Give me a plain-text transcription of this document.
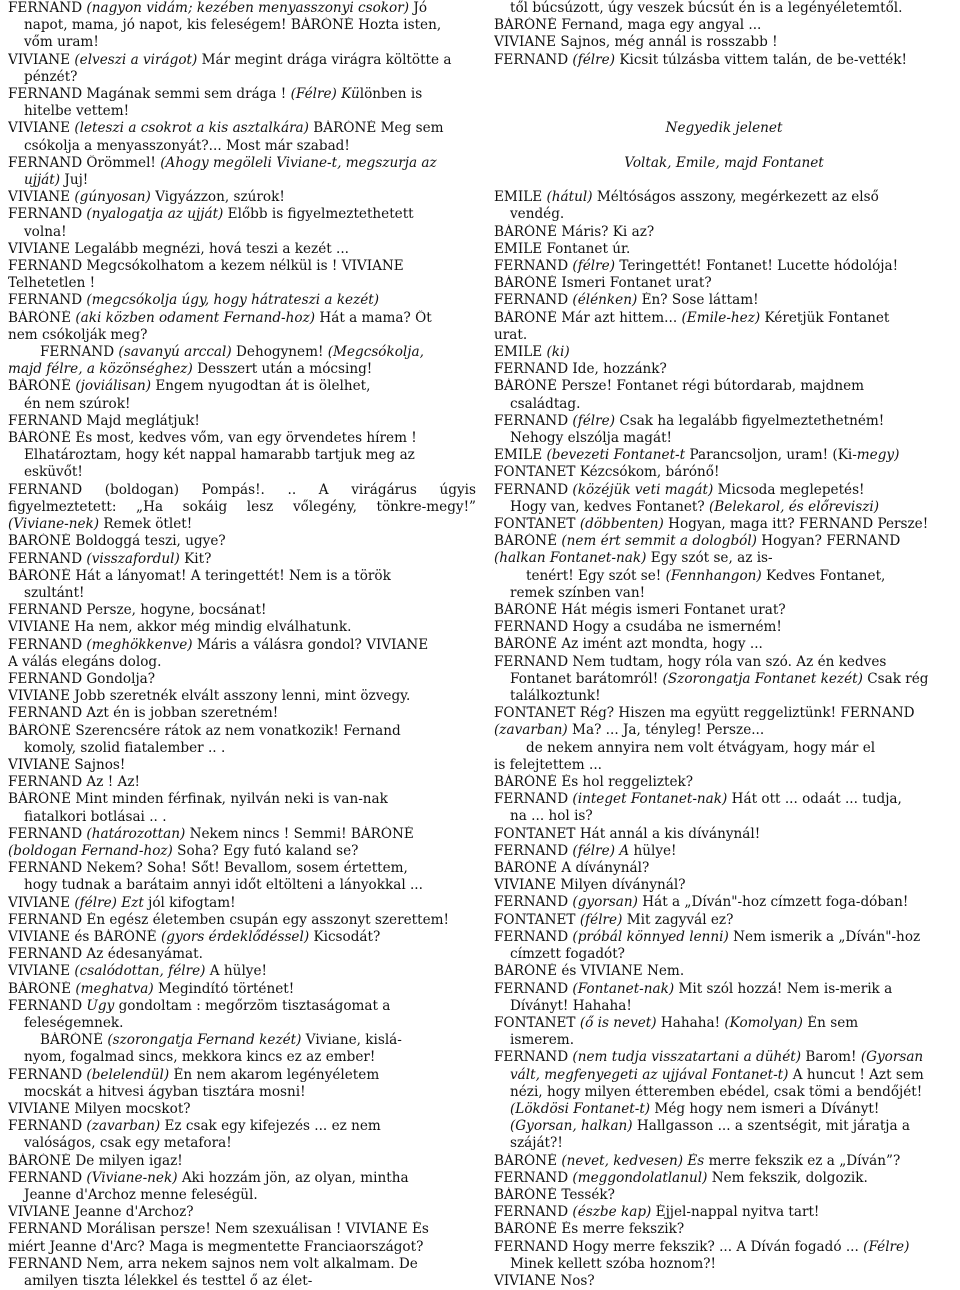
FERNAND (nagyon vidám; kezében menyasszonyi csokor) Jó
napot, mama, jó napot, kis feleségem! BÁRÓNÉ Hozta isten,
vőm uram!
VIVIANE (elveszi a virágot) Már megint drága virágra költötte a
pénzét?
FERNAND Magának semmi sem drága ! (Félre) Különben is
hitelbe vettem!
VIVIANE (leteszi a csokrot a kis asztalkára) BÁRÓNÉ Meg sem
csókolja a menyasszonyát?... Most már szabad!
FERNAND Örömmel! (Ahogy megöleli Viviane-t, megszurja az
ujját) Juj!
VIVIANE (gúnyosan) Vigyázzon, szúrok!
FERNAND (nyalogatja az ujját) Előbb is figyelmeztethetett
volna!
VIVIANE Legalább megnézi, hová teszi a kezét ...
FERNAND Megcsókolhatom a kezem nélkül is ! VIVIANE
Telhetetlen !
FERNAND (megcsókolja úgy, hogy hátrateszi a kezét)
BÁRÓNÉ (aki közben odament Fernand-hoz) Hát a mama? Őt
nem csókolják meg?
FERNAND (savanyú arccal) Dehogynem! (Megcsókolja,
majd félre, a közönséghez) Desszert után a mócsing!
BÁRÓNÉ (joviálisan) Engem nyugodtan át is ölelhet,
én nem szúrok!
FERNAND Majd meglátjuk!
BÁRÓNÉ És most, kedves vőm, van egy örvendetes hírem !
Elhatároztam, hogy két nappal hamarabb tartjuk meg az
esküvőt!
FERNAND (boldogan) Pompás!. .. A virágárus úgyis
figyelmeztetett: „Ha sokáig lesz vőlegény, tönkre-megy!”
(Viviane-nek) Remek ötlet!
BARÓNÉ Boldoggá teszi, ugye?
FERNAND (visszafordul) Kit?
BÁRÓNÉ Hát a lányomat! A teringettét! Nem is a török
szultánt!
FERNAND Persze, hogyne, bocsánat!
VIVIANE Ha nem, akkor még mindig elválhatunk.
FERNAND (meghökkenve) Máris a válásra gondol? VIVIANE
A válás elegáns dolog.
FERNAND Gondolja?
VIVIANE Jobb szeretnék elvált asszony lenni, mint özvegy.
FERNAND Azt én is jobban szeretném!
BÁRÓNÉ Szerencsére rátok az nem vonatkozik! Fernand
komoly, szolid fiatalember .. .
VIVIANE Sajnos!
FERNAND Az ! Az!
BÁRÓNÉ Mint minden férfinak, nyilván neki is van-nak
fiatalkori botlásai .. .
FERNAND (határozottan) Nekem nincs ! Semmi! BÁRÓNÉ
(boldogan Fernand-hoz) Soha? Egy futó kaland se?
FERNAND Nekem? Soha! Sőt! Bevallom, sosem értettem,
hogy tudnak a barátaim annyi időt eltölteni a lányokkal ...
VIVIANE (félre) Ezt jól kifogtam!
FERNAND Én egész életemben csupán egy asszonyt szerettem!
VIVIANE és BÁRÓNÉ (gyors érdeklődéssel) Kicsodát?
FERNAND Az édesanyámat.
VIVIANE (csalódottan, félre) A hülye!
BÁRÓNÉ (meghatva) Megindító történet!
FERNAND Úgy gondoltam : megőrzöm tisztaságomat a
feleségemnek.
BÁRÓNÉ (szorongatja Fernand kezét) Viviane, kislá-
nyom, fogalmad sincs, mekkora kincs ez az ember!
FERNAND (belelendül) Én nem akarom legényéletem
mocskát a hitvesi ágyban tisztára mosni!
VIVIANE Milyen mocskot?
FERNAND (zavarban) Ez csak egy kifejezés ... ez nem
valóságos, csak egy metafora!
BÁRÓNÉ De milyen igaz!
FERNAND (Viviane-nek) Aki hozzám jön, az olyan, mintha
Jeanne d'Archoz menne feleségül.
VIVIANE Jeanne d'Archoz?
FERNAND Morálisan persze! Nem szexuálisan ! VIVIANE És
miért Jeanne d'Arc? Maga is megmentette Franciaországot?
FERNAND Nem, arra nekem sajnos nem volt alkalmam. De
amilyen tiszta lélekkel és testtel ő az élet-
től búcsúzott, úgy veszek búcsút én is a legényéletemtől.
BÁRÓNÉ Fernand, maga egy angyal ...
VIVIANE Sajnos, még annál is rosszabb !
FERNAND (félre) Kicsit túlzásba vittem talán, de be-vették!
Negyedik jelenet
Voltak, Emile, majd Fontanet
EMILE (hátul) Méltóságos asszony, megérkezett az első
vendég.
BÁRÓNÉ Máris? Ki az?
EMILE Fontanet úr.
FERNAND (félre) Teringettét! Fontanet! Lucette hódolója!
BÁRÓNÉ Ismeri Fontanet urat?
FERNAND (élénken) Én? Sose láttam!
BÁRÓNÉ Már azt hittem... (Emile-hez) Kéretjük Fontanet
urat.
EMILE (ki)
FERNAND Ide, hozzánk?
BÁRÓNÉ Persze! Fontanet régi bútordarab, majdnem
családtag.
FERNAND (félre) Csak ha legalább figyelmeztethetném!
Nehogy elszólja magát!
EMILE (bevezeti Fontanet-t Parancsoljon, uram! (Ki-megy)
FONTANET Kézcsókom, bárónő!
FERNAND (közéjük veti magát) Micsoda meglepetés!
Hogy van, kedves Fontanet? (Belekarol, és előreviszi)
FONTANET (döbbenten) Hogyan, maga itt? FERNAND Persze!
BÁRÓNÉ (nem ért semmit a dologból) Hogyan? FERNAND
(halkan Fontanet-nak) Egy szót se, az is-
tenért! Egy szót se! (Fennhangon) Kedves Fontanet,
remek színben van!
BÁRÓNÉ Hát mégis ismeri Fontanet urat?
FERNAND Hogy a csudába ne ismerném!
BÁRÓNÉ Az imént azt mondta, hogy ...
FERNAND Nem tudtam, hogy róla van szó. Az én kedves
Fontanet barátomról! (Szorongatja Fontanet kezét) Csak rég
találkoztunk!
FONTANET Rég? Hiszen ma együtt reggeliztünk! FERNAND
(zavarban) Ma? ... Ja, tényleg! Persze...
de nekem annyira nem volt étvágyam, hogy már el
is felejtettem ...
BÁRÓNÉ És hol reggeliztek?
FERNAND (integet Fontanet-nak) Hát ott ... odaát ... tudja,
na ... hol is?
FONTANET Hát annál a kis díványnál!
FERNAND (félre) A hülye!
BÁRÓNÉ A díványnál?
VIVIANE Milyen díványnál?
FERNAND (gyorsan) Hát a „Díván"-hoz címzett foga-dóban!
FONTANET (félre) Mit zagyvál ez?
FERNAND (próbál könnyed lenni) Nem ismerik a „Díván"-hoz
címzett fogadót?
BÁRÓNÉ és VIVIANE Nem.
FERNAND (Fontanet-nak) Mit szól hozzá! Nem is-merik a
Díványt! Hahaha!
FONTANET (ő is nevet) Hahaha! (Komolyan) Én sem
ismerem.
FERNAND (nem tudja visszatartani a dühét) Barom! (Gyorsan
vált, megfenyegeti az ujjával Fontanet-t) A huncut ! Azt sem
nézi, hogy milyen étteremben ebédel, csak tömi a bendőjét!
(Lökdösi Fontanet-t) Még hogy nem ismeri a Díványt!
(Gyorsan, halkan) Hallgasson ... a szentségit, mit járatja a
száját?!
BÁRÓNÉ (nevet, kedvesen) És merre fekszik ez a „Díván”?
FERNAND (meggondolatlanul) Nem fekszik, dolgozik.
BÁRÓNÉ Tessék?
FERNAND (észbe kap) Éjjel-nappal nyitva tart!
BÁRÓNÉ És merre fekszik?
FERNAND Hogy merre fekszik? ... A Díván fogadó ... (Félre)
Minek kellett szóba hoznom?!
VIVIANE Nos?
